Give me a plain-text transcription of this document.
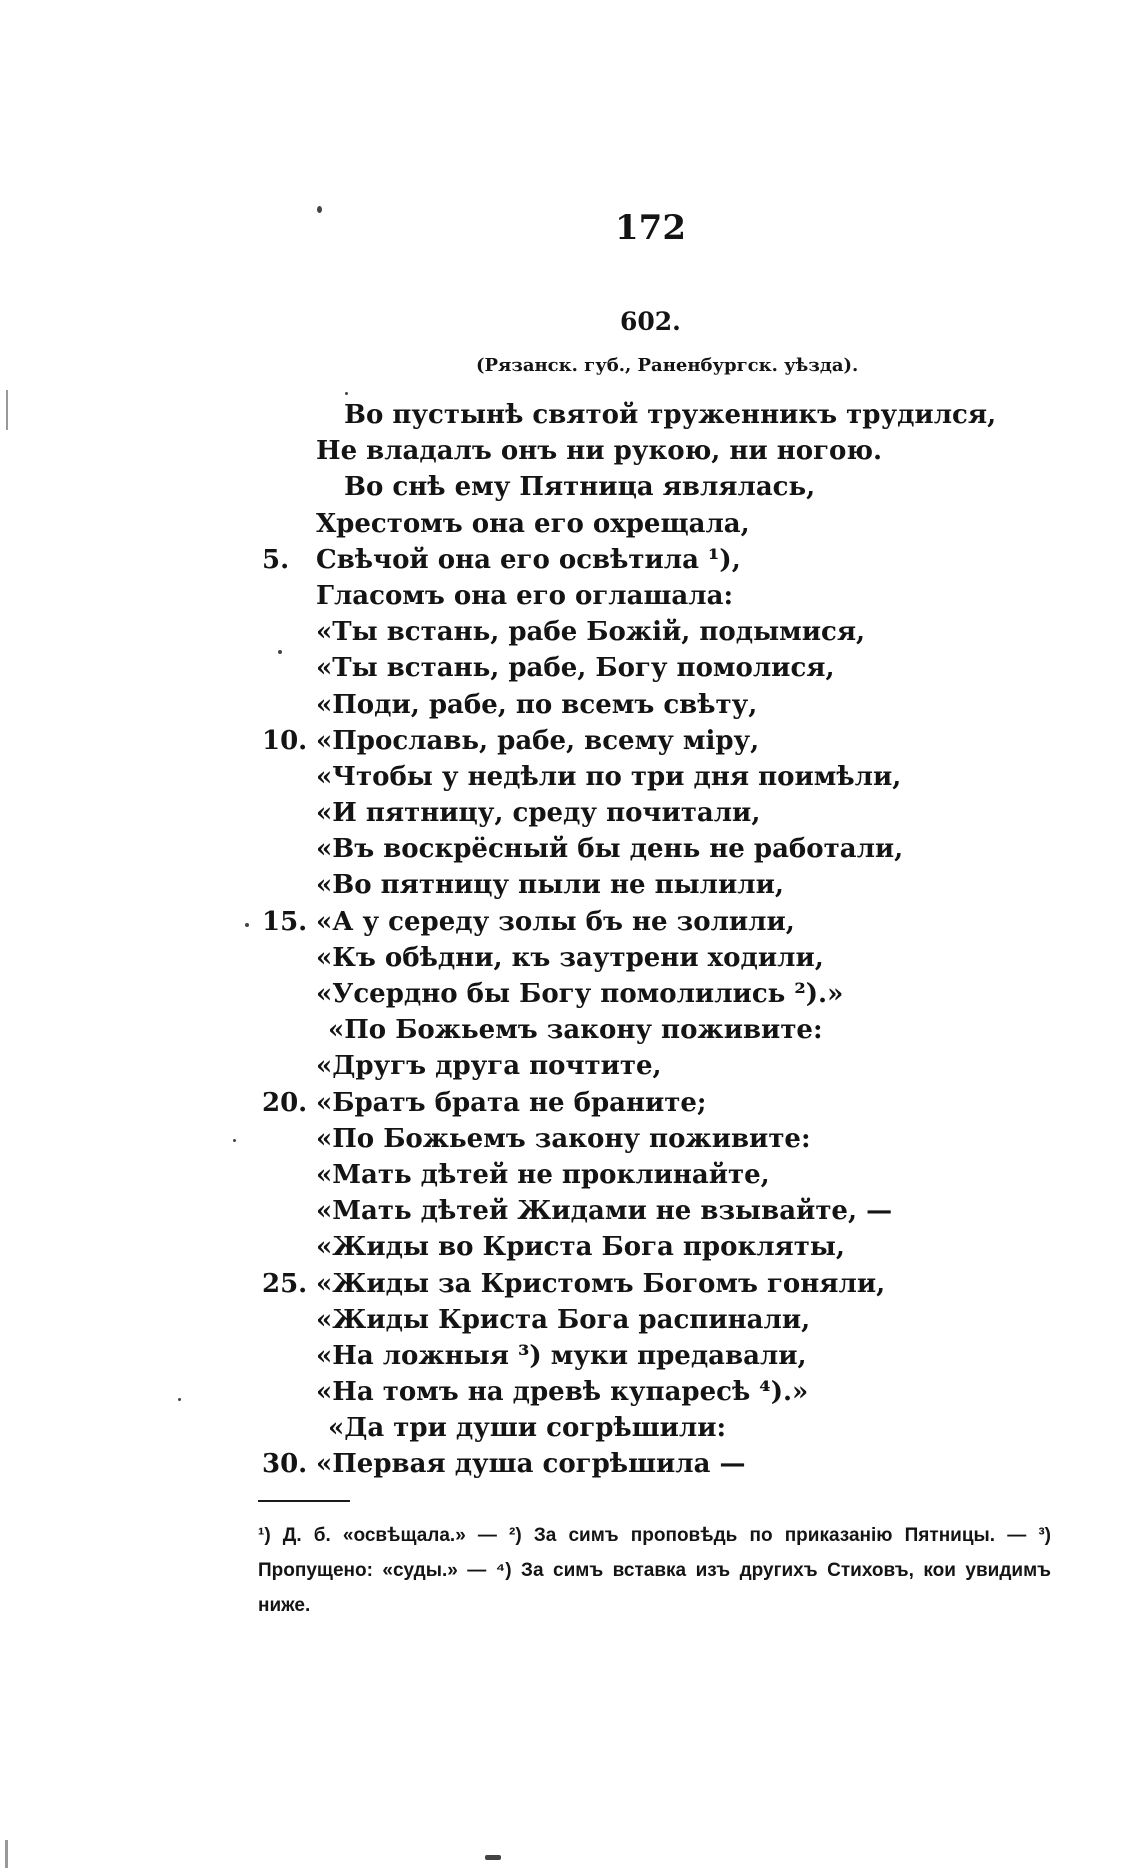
172
602.
(Рязанск. губ., Раненбургск. уѣзда).
Во пустынѣ святой труженникъ трудился,
Не владалъ онъ ни рукою, ни ногою.
Во снѣ ему Пятница являлась,
Хрестомъ она его охрещала,
5.	Свѣчой она его освѣтила ¹),
Гласомъ она его оглашала:
«Ты встань, рабе Божій, подымися,
«Ты встань, рабе, Богу помолися,
«Поди, рабе, по всемъ свѣту,
10. «Прославь, рабе, всему міру,
«Чтобы у недѣли по три дня поимѣли,
«И пятницу, среду почитали,
«Въ воскрёсный бы день не работали,
«Во пятницу пыли не пылили,
15. «А у середу золы бъ не золили,
«Къ обѣдни, къ заутрени ходили,
«Усердно бы Богу помолились ²).»
«По Божьемъ закону поживите:
«Другъ друга почтите,
20. «Братъ брата не браните;
«По Божьемъ закону поживите:
«Мать дѣтей не проклинайте,
«Мать дѣтей Жидами не взывайте, —
«Жиды во Криста Бога прокляты,
25. «Жиды за Кристомъ Богомъ гоняли,
«Жиды Криста Бога распинали,
«На ложныя ³) муки предавали,
«На томъ на древѣ купаресѣ ⁴).»
«Да три души согрѣшили:
30. «Первая душа согрѣшила —
¹) Д. б. «освѣщала.» — ²) За симъ проповѣдь по приказанію Пятницы. — ³) Пропущено: «суды.» — ⁴) За симъ вставка изъ другихъ Стиховъ, кои увидимъ ниже.
